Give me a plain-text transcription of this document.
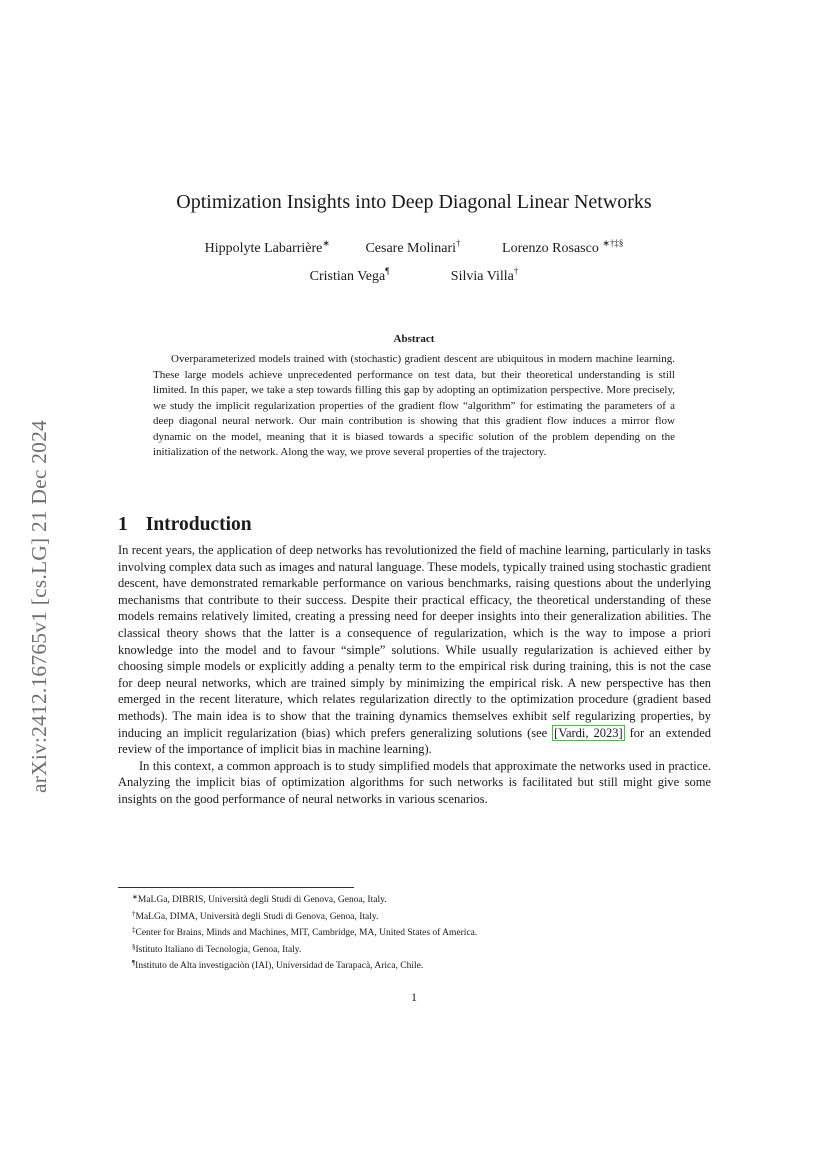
arXiv:2412.16765v1 [cs.LG] 21 Dec 2024
Optimization Insights into Deep Diagonal Linear Networks
Hippolyte Labarrière∗	Cesare Molinari†	Lorenzo Rosasco ∗†‡§
Cristian Vega¶	Silvia Villa†
Abstract
Overparameterized models trained with (stochastic) gradient descent are ubiquitous in modern machine learning. These large models achieve unprecedented performance on test data, but their theoretical understanding is still limited. In this paper, we take a step towards filling this gap by adopting an optimization perspective. More precisely, we study the implicit regularization properties of the gradient flow “algorithm” for estimating the parameters of a deep diagonal neural network. Our main contribution is showing that this gradient flow induces a mirror flow dynamic on the model, meaning that it is biased towards a specific solution of the problem depending on the initialization of the network. Along the way, we prove several properties of the trajectory.
1 Introduction

In recent years, the application of deep networks has revolutionized the field of machine learning, particularly in tasks involving complex data such as images and natural language. These models, typically trained using stochastic gradient descent, have demonstrated remarkable performance on various benchmarks, raising questions about the underlying mechanisms that contribute to their success. Despite their practical efficacy, the theoretical understanding of these models remains relatively limited, creating a pressing need for deeper insights into their generalization abilities. The classical theory shows that the latter is a consequence of regularization, which is the way to impose a priori knowledge into the model and to favour “simple” solutions. While usually regularization is achieved either by choosing simple models or explicitly adding a penalty term to the empirical risk during training, this is not the case for deep neural networks, which are trained simply by minimizing the empirical risk. A new perspective has then emerged in the recent literature, which relates regularization directly to the optimization procedure (gradient based methods). The main idea is to show that the training dynamics themselves exhibit self regularizing properties, by inducing an implicit regularization (bias) which prefers generalizing solutions (see [Vardi, 2023] for an extended review of the importance of implicit bias in machine learning).

In this context, a common approach is to study simplified models that approximate the networks used in practice. Analyzing the implicit bias of optimization algorithms for such networks is facilitated but still might give some insights on the good performance of neural networks in various scenarios.

∗MaLGa, DIBRIS, Università degli Studi di Genova, Genoa, Italy.
†MaLGa, DIMA, Università degli Studi di Genova, Genoa, Italy.
‡Center for Brains, Minds and Machines, MIT, Cambridge, MA, United States of America.
§Istituto Italiano di Tecnologia, Genoa, Italy.
¶Instituto de Alta investigaciòn (IAI), Universidad de Tarapacà, Arica, Chile.
1
